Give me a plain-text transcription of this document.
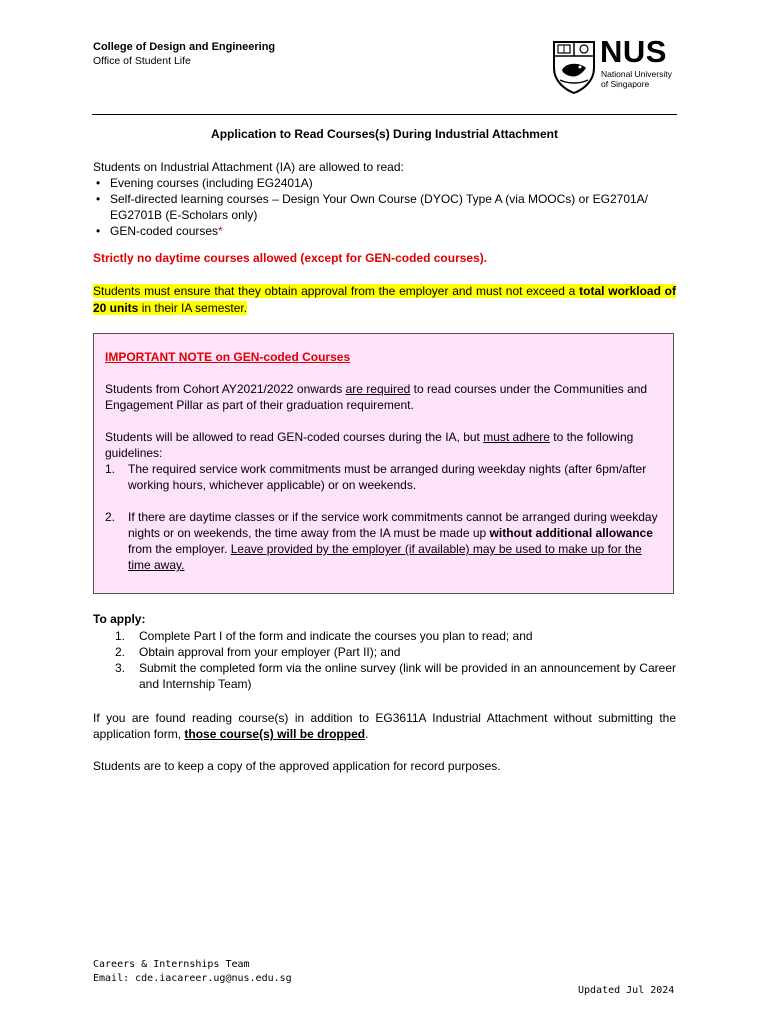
College of Design and Engineering
Office of Student Life	NUS
National University
of Singapore
Application to Read Courses(s) During Industrial Attachment
Students on Industrial Attachment (IA) are allowed to read:
• Evening courses (including EG2401A)
• Self-directed learning courses – Design Your Own Course (DYOC) Type A (via MOOCs) or EG2701A/ EG2701B (E-Scholars only)
• GEN-coded courses*
Strictly no daytime courses allowed (except for GEN-coded courses).
Students must ensure that they obtain approval from the employer and must not exceed a total workload of 20 units in their IA semester.
IMPORTANT NOTE on GEN-coded Courses
Students from Cohort AY2021/2022 onwards are required to read courses under the Communities and Engagement Pillar as part of their graduation requirement.
Students will be allowed to read GEN-coded courses during the IA, but must adhere to the following guidelines:
1. The required service work commitments must be arranged during weekday nights (after 6pm/after working hours, whichever applicable) or on weekends.
2. If there are daytime classes or if the service work commitments cannot be arranged during weekday nights or on weekends, the time away from the IA must be made up without additional allowance from the employer. Leave provided by the employer (if available) may be used to make up for the time away.
To apply:
1. Complete Part I of the form and indicate the courses you plan to read; and
2. Obtain approval from your employer (Part II); and
3. Submit the completed form via the online survey (link will be provided in an announcement by Career and Internship Team)
If you are found reading course(s) in addition to EG3611A Industrial Attachment without submitting the application form, those course(s) will be dropped.
Students are to keep a copy of the approved application for record purposes.
Careers & Internships Team
Email: cde.iacareer.ug@nus.edu.sg
Updated Jul 2024
